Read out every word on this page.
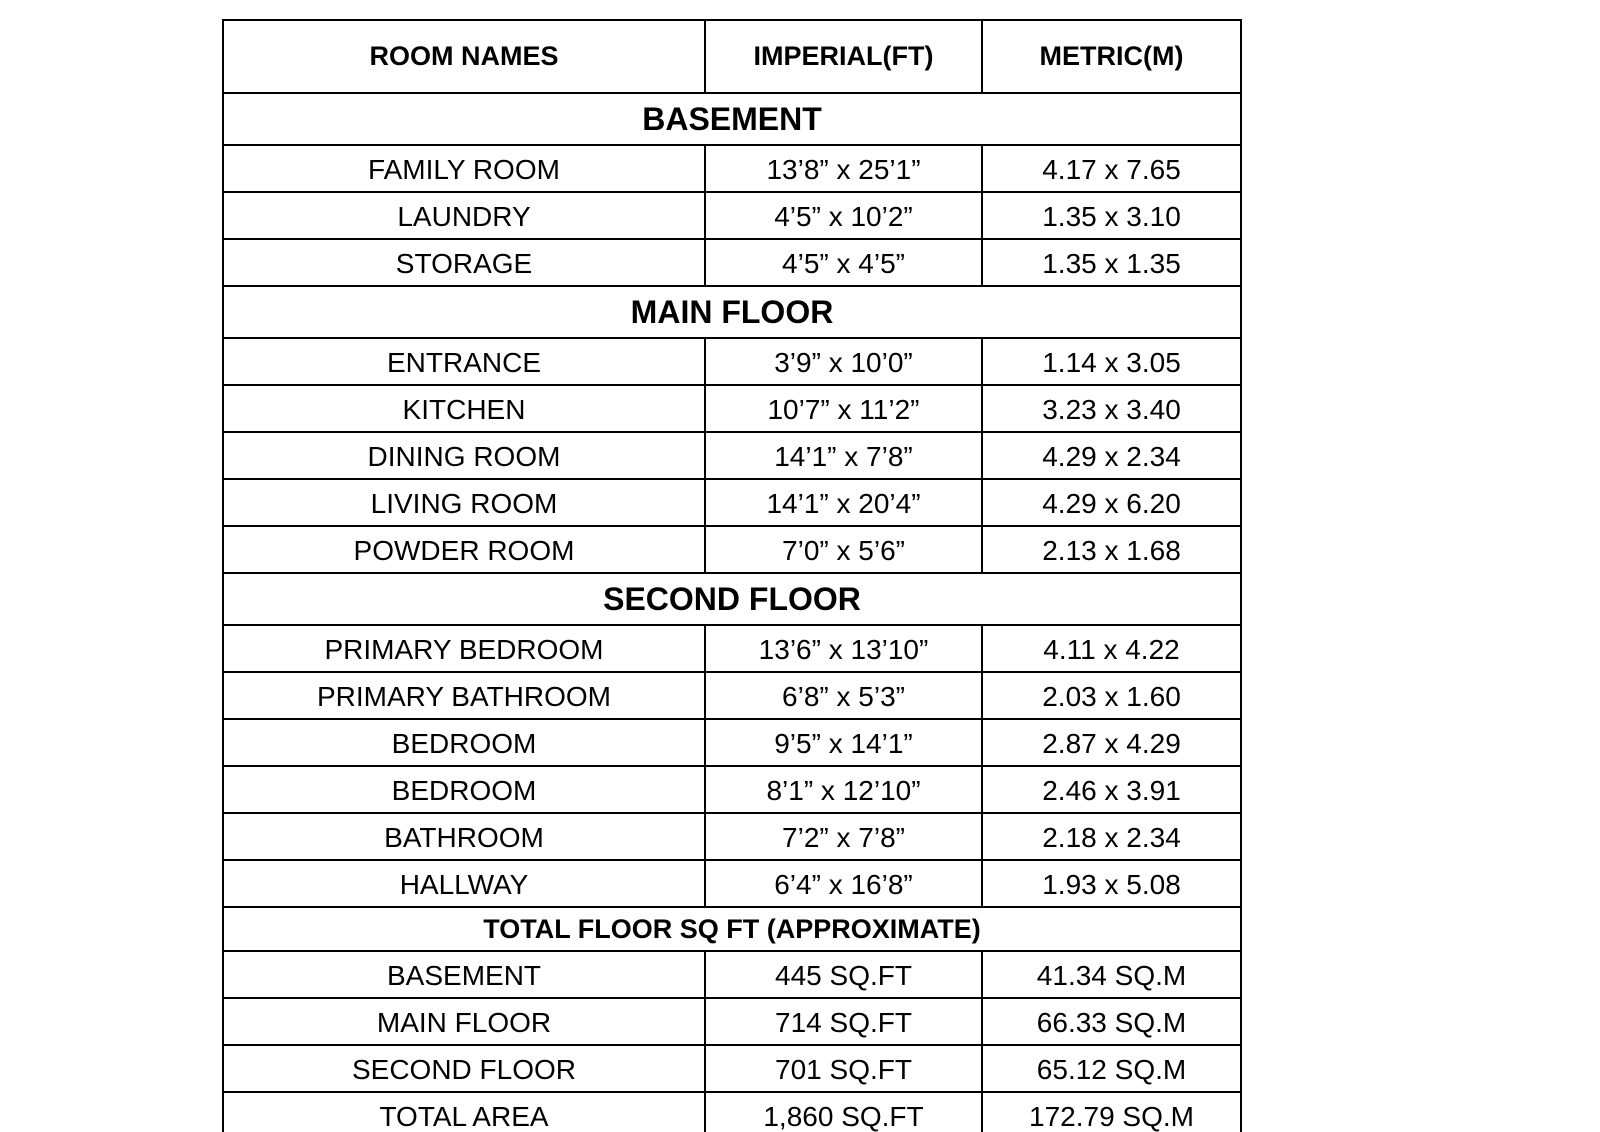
ROOM NAMES	IMPERIAL(FT)	METRIC(M)
BASEMENT		
FAMILY ROOM	13’8” x 25’1”	4.17 x 7.65
LAUNDRY	4’5” x 10’2”	1.35 x 3.10
STORAGE	4’5” x 4’5”	1.35 x 1.35
MAIN FLOOR		
ENTRANCE	3’9” x 10’0”	1.14 x 3.05
KITCHEN	10’7” x 11’2”	3.23 x 3.40
DINING ROOM	14’1” x 7’8”	4.29 x 2.34
LIVING ROOM	14’1” x 20’4”	4.29 x 6.20
POWDER ROOM	7’0” x 5’6”	2.13 x 1.68
SECOND FLOOR		
PRIMARY BEDROOM	13’6” x 13’10”	4.11 x 4.22
PRIMARY BATHROOM	6’8” x 5’3”	2.03 x 1.60
BEDROOM	9’5” x 14’1”	2.87 x 4.29
BEDROOM	8’1” x 12’10”	2.46 x 3.91
BATHROOM	7’2” x 7’8”	2.18 x 2.34
HALLWAY	6’4” x 16’8”	1.93 x 5.08
TOTAL FLOOR SQ FT (APPROXIMATE)		
BASEMENT	445 SQ.FT	41.34 SQ.M
MAIN FLOOR	714 SQ.FT	66.33 SQ.M
SECOND FLOOR	701 SQ.FT	65.12 SQ.M
TOTAL AREA	1,860 SQ.FT	172.79 SQ.M
